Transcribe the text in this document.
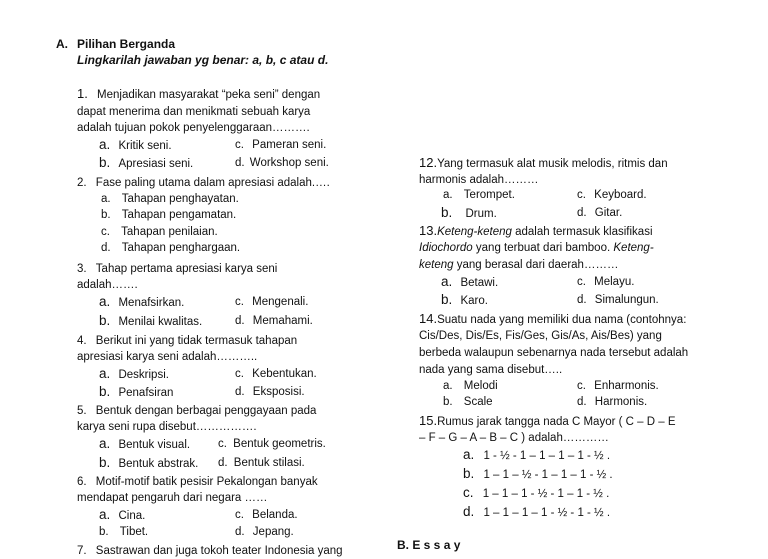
A. Pilihan Berganda
Lingkarilah jawaban yg benar: a, b, c atau d.
1. Menjadikan masyarakat “peka seni” dengan
dapat menerima dan menikmati sebuah karya
adalah tujuan pokok penyelenggaraan……….
a. Kritik seni.	c. Pameran seni.
b. Apresiasi seni.	d. Workshop seni.
2. Fase paling utama dalam apresiasi adalah.….
a. Tahapan penghayatan.
b. Tahapan pengamatan.
c. Tahapan penilaian.
d. Tahapan penghargaan.
3. Tahap pertama apresiasi karya seni
adalah…….
a. Menafsirkan.	c. Mengenali.
b. Menilai kwalitas.	d. Memahami.
4. Berikut ini yang tidak termasuk tahapan
apresiasi karya seni adalah………..
a. Deskripsi.	c. Kebentukan.
b. Penafsiran	d. Eksposisi.
5. Bentuk dengan berbagai penggayaan pada
karya seni rupa disebut…………….
a. Bentuk visual. c. Bentuk geometris.
b. Bentuk abstrak. d. Bentuk stilasi.
6. Motif-motif batik pesisir Pekalongan banyak
mendapat pengaruh dari negara ……
a. Cina.	c. Belanda.
b. Tibet.	d. Jepang.
7. Sastrawan dan juga tokoh teater Indonesia yang
12.Yang termasuk alat musik melodis, ritmis dan
harmonis adalah………
a. Terompet.	c. Keyboard.
b. Drum.	d. Gitar.
13.Keteng-keteng adalah termasuk klasifikasi
Idiochordo yang terbuat dari bamboo. Keteng-
keteng yang berasal dari daerah………
a. Betawi.	c. Melayu.
b. Karo.	d. Simalungun.
14.Suatu nada yang memiliki dua nama (contohnya:
Cis/Des, Dis/Es, Fis/Ges, Gis/As, Ais/Bes) yang
berbeda walaupun sebenarnya nada tersebut adalah
nada yang sama disebut…..
a. Melodi	c. Enharmonis.
b. Scale	d. Harmonis.
15.Rumus jarak tangga nada C Mayor ( C – D – E
– F – G – A – B – C ) adalah…………
a. 1 - ½ - 1 – 1 – 1 – 1 - ½ .
b. 1 – 1 – ½ - 1 – 1 – 1 - ½ .
c. 1 – 1 – 1 - ½ - 1 – 1 - ½ .
d. 1 – 1 – 1 – 1 - ½ - 1 - ½ .
B. E s s a y
